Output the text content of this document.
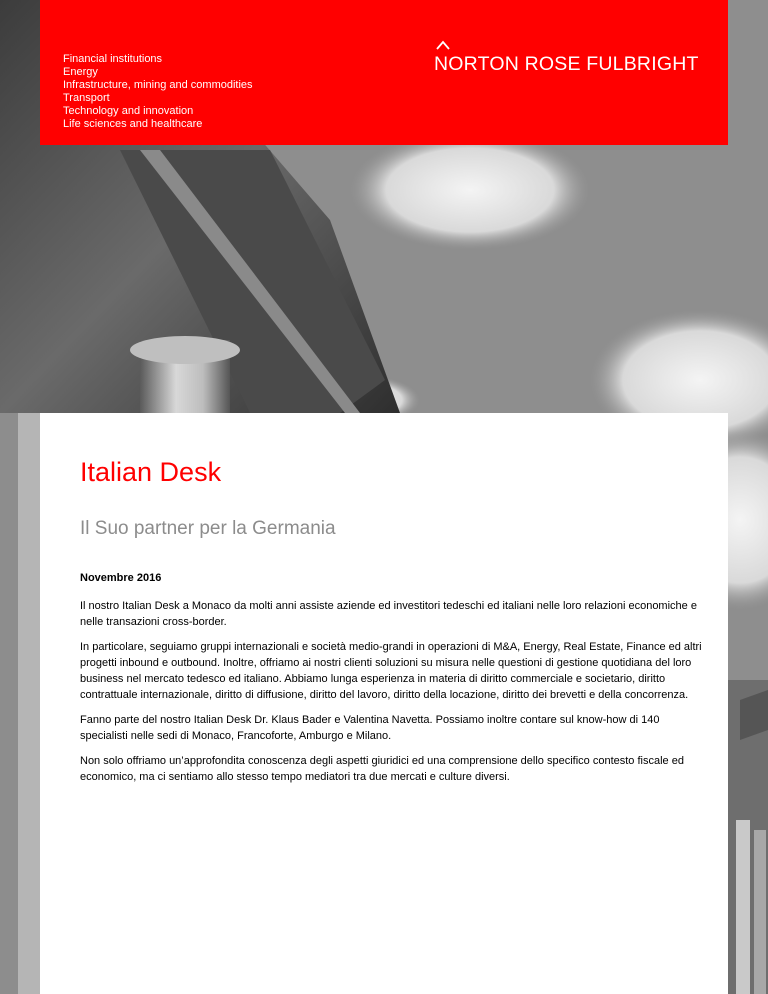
Financial institutions
Energy
Infrastructure, mining and commodities
Transport
Technology and innovation
Life sciences and healthcare
NORTON ROSE FULBRIGHT
Italian Desk
Il Suo partner per la Germania
Novembre 2016

Il nostro Italian Desk a Monaco da molti anni assiste aziende ed investitori tedeschi ed italiani nelle loro relazioni economiche e nelle transazioni cross-border.

In particolare, seguiamo gruppi internazionali e società medio-grandi in operazioni di M&A, Energy, Real Estate, Finance ed altri progetti inbound e outbound. Inoltre, offriamo ai nostri clienti soluzioni su misura nelle questioni di gestione quotidiana del loro business nel mercato tedesco ed italiano. Abbiamo lunga esperienza in materia di diritto commerciale e societario, diritto contrattuale internazionale, diritto di diffusione, diritto del lavoro, diritto della locazione, diritto dei brevetti e della concorrenza.

Fanno parte del nostro Italian Desk Dr. Klaus Bader e Valentina Navetta. Possiamo inoltre contare sul know-how di 140 specialisti nelle sedi di Monaco, Francoforte, Amburgo e Milano.

Non solo offriamo un’approfondita conoscenza degli aspetti giuridici ed una comprensione dello specifico contesto fiscale ed economico, ma ci sentiamo allo stesso tempo mediatori tra due mercati e culture diversi.
